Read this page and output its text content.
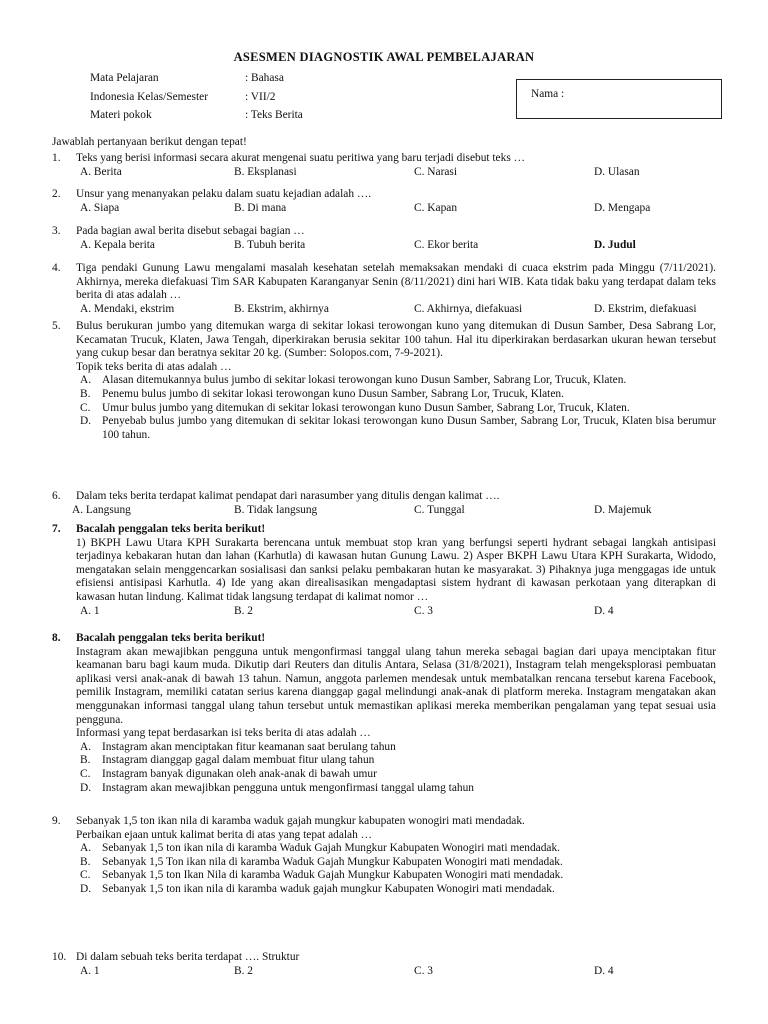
ASESMEN DIAGNOSTIK AWAL PEMBELAJARAN
Mata Pelajaran	: Bahasa
Indonesia Kelas/Semester	: VII/2
Materi pokok	: Teks Berita
Nama :
Jawablah pertanyaan berikut dengan tepat!
1. Teks yang berisi informasi secara akurat mengenai suatu peritiwa yang baru terjadi disebut teks …
A. Berita	B. Eksplanasi	C. Narasi	D. Ulasan
2. Unsur yang menanyakan pelaku dalam suatu kejadian adalah ….
A. Siapa	B. Di mana	C. Kapan	D. Mengapa
3. Pada bagian awal berita disebut sebagai bagian …
A. Kepala berita	B. Tubuh berita	C. Ekor berita	D. Judul
4. Tiga pendaki Gunung Lawu mengalami masalah kesehatan setelah memaksakan mendaki di cuaca ekstrim pada Minggu (7/11/2021). Akhirnya, mereka diefakuasi Tim SAR Kabupaten Karanganyar Senin (8/11/2021) dini hari WIB. Kata tidak baku yang terdapat dalam teks berita di atas adalah …
A. Mendaki, ekstrim	B. Ekstrim, akhirnya	C. Akhirnya, diefakuasi	D. Ekstrim, diefakuasi
5. Bulus berukuran jumbo yang ditemukan warga di sekitar lokasi terowongan kuno yang ditemukan di Dusun Samber, Desa Sabrang Lor, Kecamatan Trucuk, Klaten, Jawa Tengah, diperkirakan berusia sekitar 100 tahun. Hal itu diperkirakan berdasarkan ukuran hewan tersebut yang cukup besar dan beratnya sekitar 20 kg. (Sumber: Solopos.com, 7-9-2021).
Topik teks berita di atas adalah …
A. Alasan ditemukannya bulus jumbo di sekitar lokasi terowongan kuno Dusun Samber, Sabrang Lor, Trucuk, Klaten.
B. Penemu bulus jumbo di sekitar lokasi terowongan kuno Dusun Samber, Sabrang Lor, Trucuk, Klaten.
C. Umur bulus jumbo yang ditemukan di sekitar lokasi terowongan kuno Dusun Samber, Sabrang Lor, Trucuk, Klaten.
D. Penyebab bulus jumbo yang ditemukan di sekitar lokasi terowongan kuno Dusun Samber, Sabrang Lor, Trucuk, Klaten bisa berumur 100 tahun.
6. Dalam teks berita terdapat kalimat pendapat dari narasumber yang ditulis dengan kalimat ….
A. Langsung	B. Tidak langsung	C. Tunggal	D. Majemuk
7. Bacalah penggalan teks berita berikut!
1) BKPH Lawu Utara KPH Surakarta berencana untuk membuat stop kran yang berfungsi seperti hydrant sebagai langkah antisipasi terjadinya kebakaran hutan dan lahan (Karhutla) di kawasan hutan Gunung Lawu. 2) Asper BKPH Lawu Utara KPH Surakarta, Widodo, mengatakan selain menggencarkan sosialisasi dan sanksi pelaku pembakaran hutan ke masyarakat. 3) Pihaknya juga menggagas ide untuk efisiensi antisipasi Karhutla. 4) Ide yang akan direalisasikan mengadaptasi sistem hydrant di kawasan perkotaan yang diterapkan di kawasan hutan lindung. Kalimat tidak langsung terdapat di kalimat nomor …
A. 1	B. 2	C. 3	D. 4
8. Bacalah penggalan teks berita berikut!
Instagram akan mewajibkan pengguna untuk mengonfirmasi tanggal ulang tahun mereka sebagai bagian dari upaya menciptakan fitur keamanan baru bagi kaum muda. Dikutip dari Reuters dan ditulis Antara, Selasa (31/8/2021), Instagram telah mengeksplorasi pembuatan aplikasi versi anak-anak di bawah 13 tahun. Namun, anggota parlemen mendesak untuk membatalkan rencana tersebut karena Facebook, pemilik Instagram, memiliki catatan serius karena dianggap gagal melindungi anak-anak di platform mereka. Instagram mengatakan akan menggunakan informasi tanggal ulang tahun tersebut untuk memastikan aplikasi mereka memberikan pengalaman yang tepat sesuai usia pengguna.
Informasi yang tepat berdasarkan isi teks berita di atas adalah …
A. Instagram akan menciptakan fitur keamanan saat berulang tahun
B. Instagram dianggap gagal dalam membuat fitur ulang tahun
C. Instagram banyak digunakan oleh anak-anak di bawah umur
D. Instagram akan mewajibkan pengguna untuk mengonfirmasi tanggal ulamg tahun
9. Sebanyak 1,5 ton ikan nila di karamba waduk gajah mungkur kabupaten wonogiri mati mendadak.
Perbaikan ejaan untuk kalimat berita di atas yang tepat adalah …
A. Sebanyak 1,5 ton ikan nila di karamba Waduk Gajah Mungkur Kabupaten Wonogiri mati mendadak.
B. Sebanyak 1,5 Ton ikan nila di karamba Waduk Gajah Mungkur Kabupaten Wonogiri mati mendadak.
C. Sebanyak 1,5 ton Ikan Nila di karamba Waduk Gajah Mungkur Kabupaten Wonogiri mati mendadak.
D. Sebanyak 1,5 ton ikan nila di karamba waduk gajah mungkur Kabupaten Wonogiri mati mendadak.
10. Di dalam sebuah teks berita terdapat …. Struktur
A. 1	B. 2	C. 3	D. 4
